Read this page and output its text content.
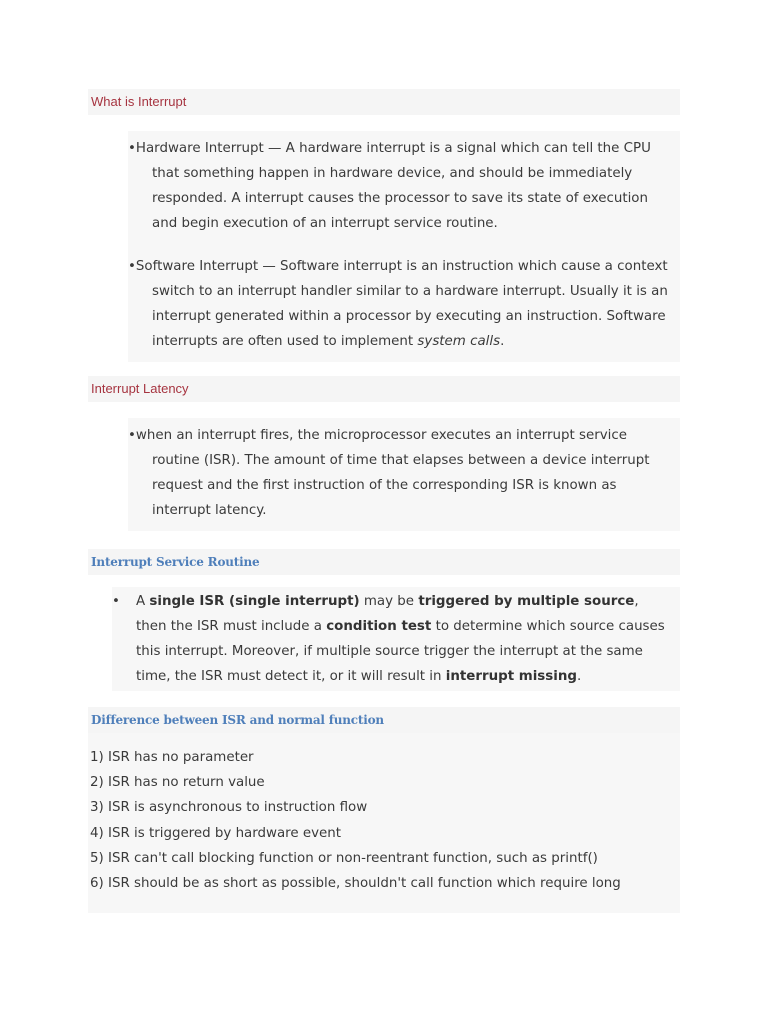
What is Interrupt
•Hardware Interrupt — A hardware interrupt is a signal which can tell the CPU that something happen in hardware device, and should be immediately responded. A interrupt causes the processor to save its state of execution and begin execution of an interrupt service routine.
•Software Interrupt — Software interrupt is an instruction which cause a context switch to an interrupt handler similar to a hardware interrupt. Usually it is an interrupt generated within a processor by executing an instruction. Software interrupts are often used to implement system calls.
Interrupt Latency
•when an interrupt fires, the microprocessor executes an interrupt service routine (ISR). The amount of time that elapses between a device interrupt request and the first instruction of the corresponding ISR is known as interrupt latency.
Interrupt Service Routine
• A single ISR (single interrupt) may be triggered by multiple source, then the ISR must include a condition test to determine which source causes this interrupt. Moreover, if multiple source trigger the interrupt at the same time, the ISR must detect it, or it will result in interrupt missing.
Difference between ISR and normal function
1) ISR has no parameter
2) ISR has no return value
3) ISR is asynchronous to instruction flow
4) ISR is triggered by hardware event
5) ISR can't call blocking function or non-reentrant function, such as printf()
6) ISR should be as short as possible, shouldn't call function which require long
